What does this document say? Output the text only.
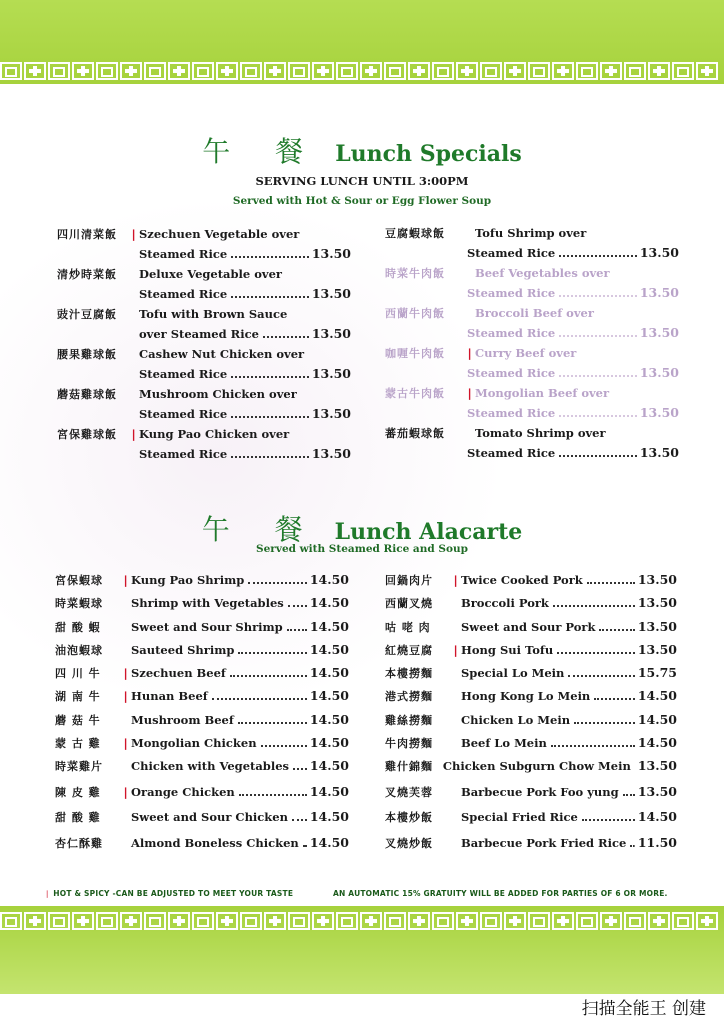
午 餐 Lunch Specials
SERVING LUNCH UNTIL 3:00PM
Served with Hot & Sour or Egg Flower Soup
四川清菜飯	❘ Szechuen Vegetable over
Steamed Rice	13.50
清炒時菜飯	Deluxe Vegetable over
Steamed Rice	13.50
豉汁豆腐飯	Tofu with Brown Sauce
over Steamed Rice	13.50
腰果雞球飯	Cashew Nut Chicken over
Steamed Rice	13.50
蘑菇雞球飯	Mushroom Chicken over
Steamed Rice	13.50
宮保雞球飯	❘ Kung Pao Chicken over
Steamed Rice	13.50
豆腐蝦球飯	Tofu Shrimp over
Steamed Rice	13.50
時菜牛肉飯	Beef Vegetables over
Steamed Rice	13.50
西蘭牛肉飯	Broccoli Beef over
Steamed Rice	13.50
咖喱牛肉飯	❘ Curry Beef over
Steamed Rice	13.50
蒙古牛肉飯	❘ Mongolian Beef over
Steamed Rice	13.50
蕃茄蝦球飯	Tomato Shrimp over
Steamed Rice	13.50
午 餐 Lunch Alacarte
Served with Steamed Rice and Soup
宮保蝦球	❘ Kung Pao Shrimp	14.50
時菜蝦球	Shrimp with Vegetables 14.50
甜 酸 蝦	Sweet and Sour Shrimp 14.50
油泡蝦球	Sauteed Shrimp	14.50
四 川 牛	❘ Szechuen Beef	14.50
湖 南 牛	❘ Hunan Beef	14.50
蘑 菇 牛	Mushroom Beef	14.50
蒙 古 雞	❘ Mongolian Chicken	14.50
時菜雞片	Chicken with Vegetables 14.50
陳 皮 雞	❘ Orange Chicken	14.50
甜 酸 雞	Sweet and Sour Chicken 14.50
杏仁酥雞	Almond Boneless Chicken 14.50
回鍋肉片	❘ Twice Cooked Pork	13.50
西蘭叉燒	Broccoli Pork	13.50
咕 咾 肉	Sweet and Sour Pork	13.50
紅燒豆腐	❘ Hong Sui Tofu	13.50
本樓撈麵	Special Lo Mein	15.75
港式撈麵	Hong Kong Lo Mein	14.50
雞絲撈麵	Chicken Lo Mein	14.50
牛肉撈麵	Beef Lo Mein	14.50
雞什錦麵 Chicken Subgurn Chow Mein 13.50
叉燒芙蓉	Barbecue Pork Foo yung 13.50
本樓炒飯	Special Fried Rice	14.50
叉燒炒飯	Barbecue Pork Fried Rice 11.50
❘ HOT & SPICY -CAN BE ADJUSTED TO MEET YOUR TASTE	AN AUTOMATIC 15% GRATUITY WILL BE ADDED FOR PARTIES OF 6 OR MORE.
扫描全能王 创建
